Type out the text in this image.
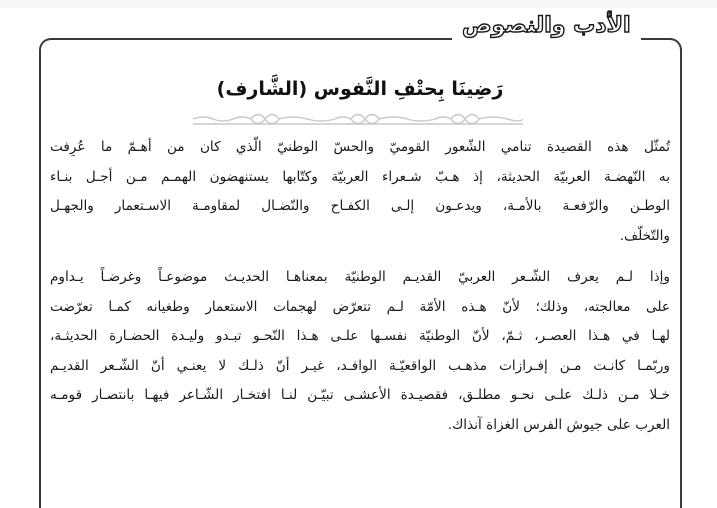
الأدب والنصوص
رَضِينَا بِحتْفِ النَّفوس (الشَّارف)

تُمثّل هذه القصيدة تنامي الشّعور القوميّ والحسّ الوطنيّ الّذي كان من أهـمّ ما عُرِفت
به النّهضـة العربيّة الحديثة، إذ هـبّ شـعراء العربيّة وكتّابها يستنهضون الهمـم مـن أجـل بنـاء
الوطـن والرّفعـة بالأمـة، ويدعـون إلـى الكفـاح والنّضـال لمقاومـة الاسـتعمار والجهـل
والتّخلّف.

وإذا لـم يعرف الشّـعر العربيّ القديـم الوطنيّة بمعناهـا الحديـث موضوعـاً وغرضـاً يـداوم
على معالجته، وذلك؛ لأنّ هـذه الأمّة لـم تتعرّض لهجمات الاستعمار وطغيانه كمـا تعرّضت
لهـا في هـذا العصـر، ثـمّ، لأنّ الوطنيّة نفسـها علـى هـذا النّحـو تبـدو وليـدة الحضـارة الحديثـة،
وربّمـا كانـت مـن إفـرازات مذهـب الواقعيّـة الوافـد، غيـر أنّ ذلـك لا يعنـي أنّ الشّـعر القديـم
خـلا مـن ذلـك علـى نحـو مطلـق، فقصيـدة الأعشـى تبيّـن لنـا افتخـار الشّـاعر فيهـا بانتصـار قومـه
العرب على جيوش الفرس الغزاة آنذاك.
